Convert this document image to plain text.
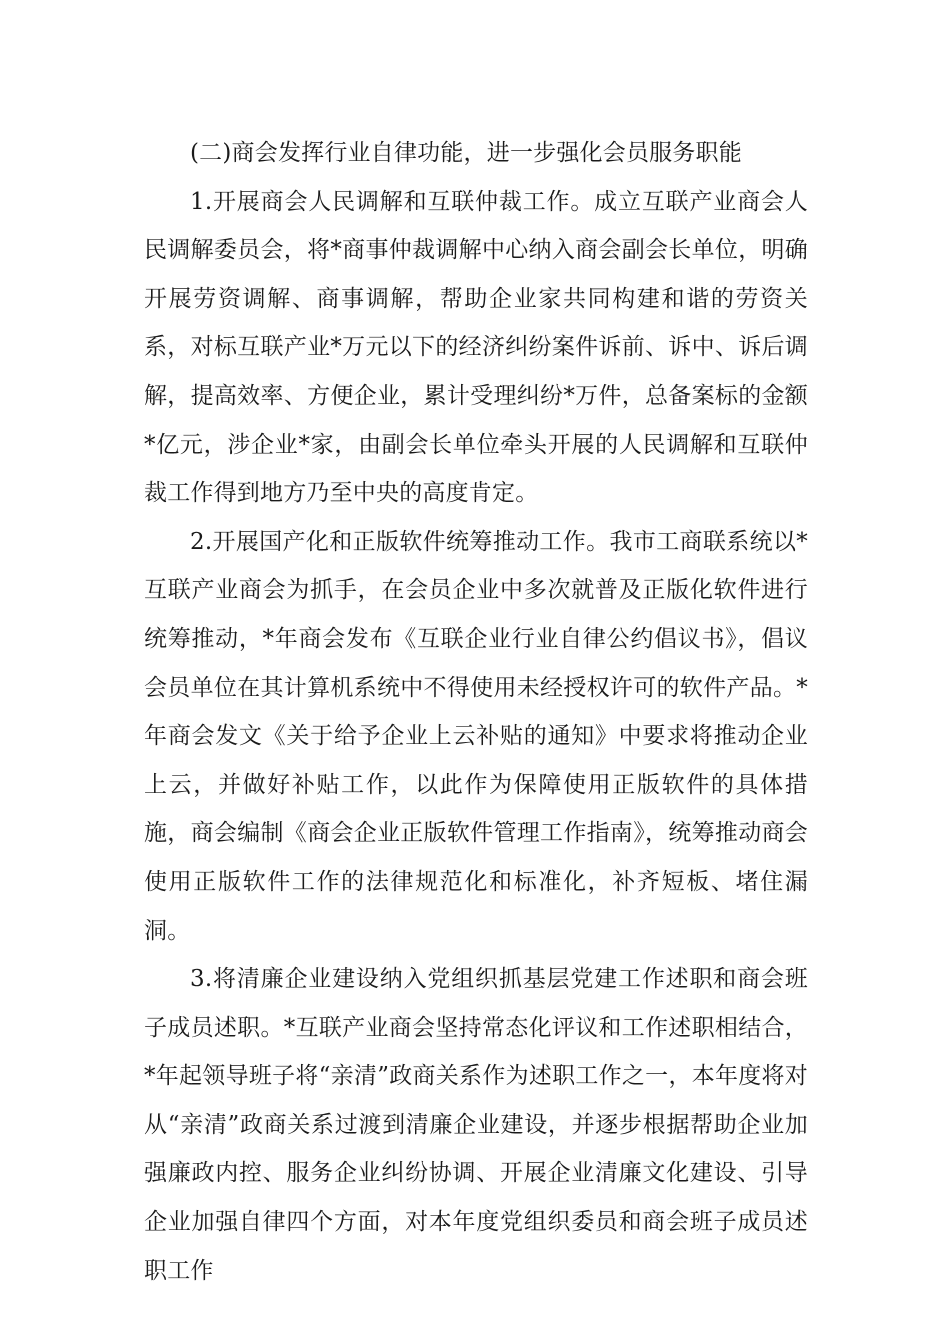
(二)商会发挥行业自律功能，进一步强化会员服务职能

1.开展商会人民调解和互联仲裁工作。成立互联产业商会人民调解委员会，将*商事仲裁调解中心纳入商会副会长单位，明确开展劳资调解、商事调解，帮助企业家共同构建和谐的劳资关系，对标互联产业*万元以下的经济纠纷案件诉前、诉中、诉后调解，提高效率、方便企业，累计受理纠纷*万件，总备案标的金额*亿元，涉企业*家，由副会长单位牵头开展的人民调解和互联仲裁工作得到地方乃至中央的高度肯定。

2.开展国产化和正版软件统筹推动工作。我市工商联系统以*互联产业商会为抓手，在会员企业中多次就普及正版化软件进行统筹推动，*年商会发布《互联企业行业自律公约倡议书》，倡议会员单位在其计算机系统中不得使用未经授权许可的软件产品。*年商会发文《关于给予企业上云补贴的通知》中要求将推动企业上云，并做好补贴工作，以此作为保障使用正版软件的具体措施，商会编制《商会企业正版软件管理工作指南》，统筹推动商会使用正版软件工作的法律规范化和标准化，补齐短板、堵住漏洞。

3.将清廉企业建设纳入党组织抓基层党建工作述职和商会班子成员述职。*互联产业商会坚持常态化评议和工作述职相结合，*年起领导班子将“亲清”政商关系作为述职工作之一，本年度将对从“亲清”政商关系过渡到清廉企业建设，并逐步根据帮助企业加强廉政内控、服务企业纠纷协调、开展企业清廉文化建设、引导企业加强自律四个方面，对本年度党组织委员和商会班子成员述职工作
